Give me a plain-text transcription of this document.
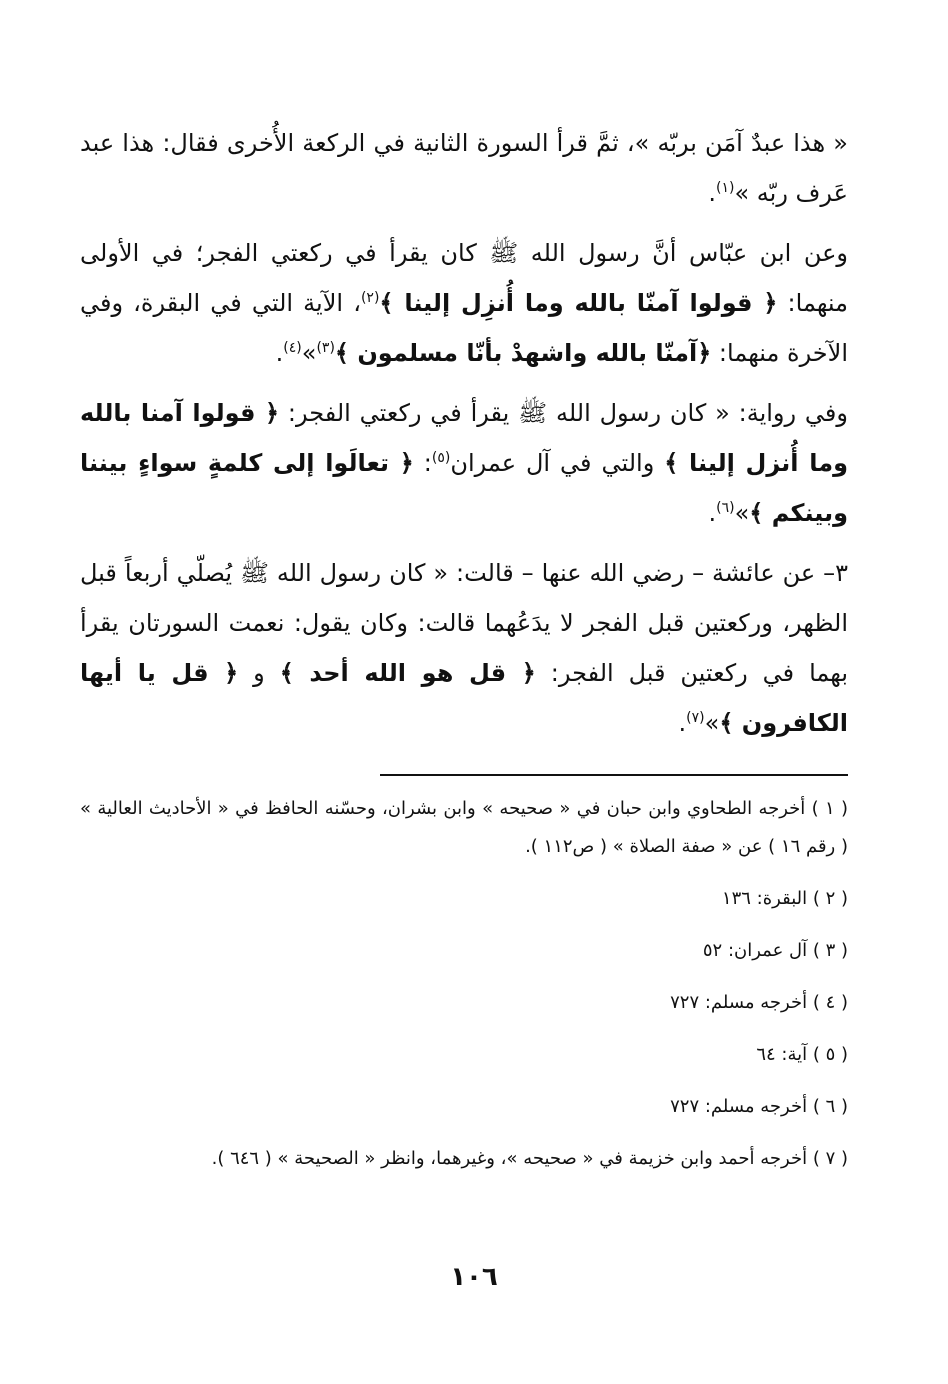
« هذا عبدٌ آمَن بربّه »، ثمَّ قرأ السورة الثانية في الركعة الأُخرى فقال: هذا عبد عَرف ربّه »$^{(١)}$.

وعن ابن عبّاس أنَّ رسول الله ﷺ كان يقرأ في ركعتي الفجر؛ في الأولى منهما: ﴿ قولوا آمنّا بالله وما أُنزِل إلينا ﴾$^{(٢)}$، الآية التي في البقرة، وفي الآخرة منهما: ﴿آمنّا بالله واشهدْ بأنّا مسلمون ﴾$^{(٣)}$»$^{(٤)}$.

وفي رواية: « كان رسول الله ﷺ يقرأ في ركعتي الفجر: ﴿ قولوا آمنا بالله وما أُنزل إلينا ﴾ والتي في آل عمران$^{(٥)}$: ﴿ تعالَوا إلى كلمةٍ سواءٍ بيننا وبينكم ﴾»$^{(٦)}$.

٣– عن عائشة – رضي الله عنها – قالت: « كان رسول الله ﷺ يُصلّي أربعاً قبل الظهر، وركعتين قبل الفجر لا يدَعُهما قالت: وكان يقول: نعمت السورتان يقرأ بهما في ركعتين قبل الفجر: ﴿ قل هو الله أحد ﴾ و ﴿ قل يا أيها الكافرون ﴾»$^{(٧)}$.

( ١ ) أخرجه الطحاوي وابن حبان في « صحيحه » وابن بشران، وحسّنه الحافظ في « الأحاديث العالية » ( رقم ١٦ ) عن « صفة الصلاة » ( ص١١٢ ).

( ٢ ) البقرة: ١٣٦

( ٣ ) آل عمران: ٥٢

( ٤ ) أخرجه مسلم: ٧٢٧

( ٥ ) آية: ٦٤

( ٦ ) أخرجه مسلم: ٧٢٧

( ٧ ) أخرجه أحمد وابن خزيمة في « صحيحه »، وغيرهما، وانظر « الصحيحة » ( ٦٤٦ ).

١٠٦
